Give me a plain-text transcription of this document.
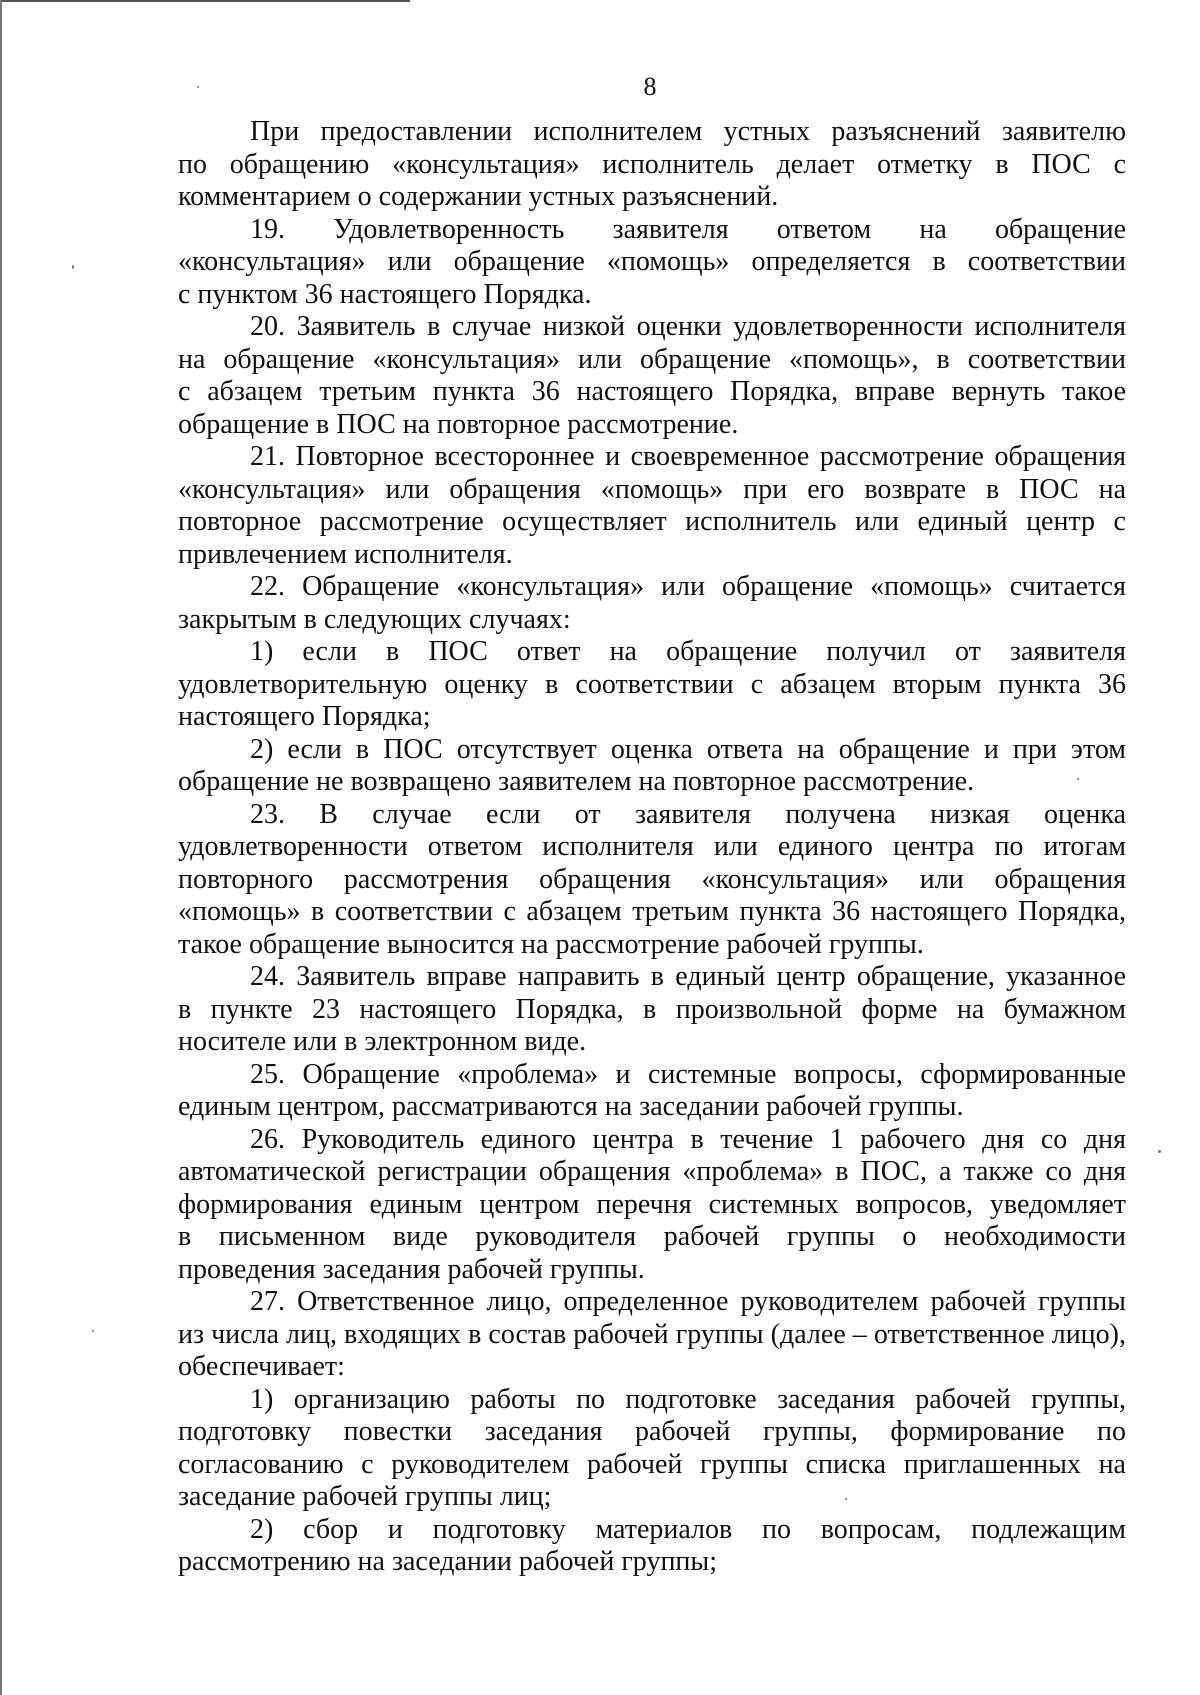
8
При предоставлении исполнителем устных разъяснений заявителю
по обращению «консультация» исполнитель делает отметку в ПОС с
комментарием о содержании устных разъяснений.
19. Удовлетворенность заявителя ответом на обращение
«консультация» или обращение «помощь» определяется в соответствии
с пунктом 36 настоящего Порядка.
20. Заявитель в случае низкой оценки удовлетворенности исполнителя
на обращение «консультация» или обращение «помощь», в соответствии
с абзацем третьим пункта 36 настоящего Порядка, вправе вернуть такое
обращение в ПОС на повторное рассмотрение.
21. Повторное всестороннее и своевременное рассмотрение обращения
«консультация» или обращения «помощь» при его возврате в ПОС на
повторное рассмотрение осуществляет исполнитель или единый центр с
привлечением исполнителя.
22. Обращение «консультация» или обращение «помощь» считается
закрытым в следующих случаях:
1) если в ПОС ответ на обращение получил от заявителя
удовлетворительную оценку в соответствии с абзацем вторым пункта 36
настоящего Порядка;
2) если в ПОС отсутствует оценка ответа на обращение и при этом
обращение не возвращено заявителем на повторное рассмотрение.
23. В случае если от заявителя получена низкая оценка
удовлетворенности ответом исполнителя или единого центра по итогам
повторного рассмотрения обращения «консультация» или обращения
«помощь» в соответствии с абзацем третьим пункта 36 настоящего Порядка,
такое обращение выносится на рассмотрение рабочей группы.
24. Заявитель вправе направить в единый центр обращение, указанное
в пункте 23 настоящего Порядка, в произвольной форме на бумажном
носителе или в электронном виде.
25. Обращение «проблема» и системные вопросы, сформированные
единым центром, рассматриваются на заседании рабочей группы.
26. Руководитель единого центра в течение 1 рабочего дня со дня
автоматической регистрации обращения «проблема» в ПОС, а также со дня
формирования единым центром перечня системных вопросов, уведомляет
в письменном виде руководителя рабочей группы о необходимости
проведения заседания рабочей группы.
27. Ответственное лицо, определенное руководителем рабочей группы
из числа лиц, входящих в состав рабочей группы (далее – ответственное лицо),
обеспечивает:
1) организацию работы по подготовке заседания рабочей группы,
подготовку повестки заседания рабочей группы, формирование по
согласованию с руководителем рабочей группы списка приглашенных на
заседание рабочей группы лиц;
2) сбор и подготовку материалов по вопросам, подлежащим
рассмотрению на заседании рабочей группы;
